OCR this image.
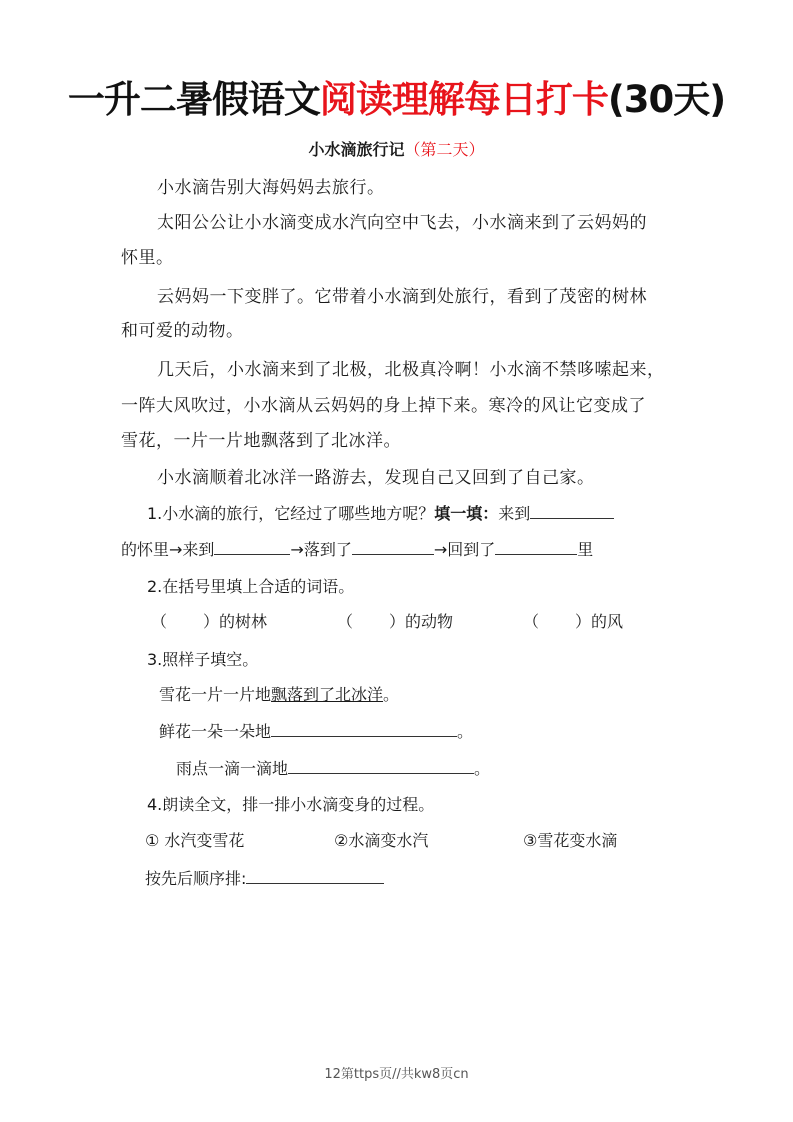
一升二暑假语文阅读理解每日打卡(30天)
小水滴旅行记（第二天）
小水滴告别大海妈妈去旅行。
太阳公公让小水滴变成水汽向空中飞去，小水滴来到了云妈妈的
怀里。
云妈妈一下变胖了。它带着小水滴到处旅行，看到了茂密的树林
和可爱的动物。
几天后，小水滴来到了北极，北极真冷啊！小水滴不禁哆嗦起来，
一阵大风吹过，小水滴从云妈妈的身上掉下来。寒冷的风让它变成了
雪花，一片一片地飘落到了北冰洋。
小水滴顺着北冰洋一路游去，发现自己又回到了自己家。
1.小水滴的旅行，它经过了哪些地方呢？填一填：来到
的怀里→来到	→落到了	→回到了	里
2.在括号里填上合适的词语。
（ ）的树林	（ ）的动物	（ ）的风
3.照样子填空。
雪花一片一片地飘落到了北冰洋。
鲜花一朵一朵地	。
雨点一滴一滴地	。
4.朗读全文，排一排小水滴变身的过程。
① 水汽变雪花	②水滴变水汽	③雪花变水滴
按先后顺序排:
12第ttps页//共kw8页cn
